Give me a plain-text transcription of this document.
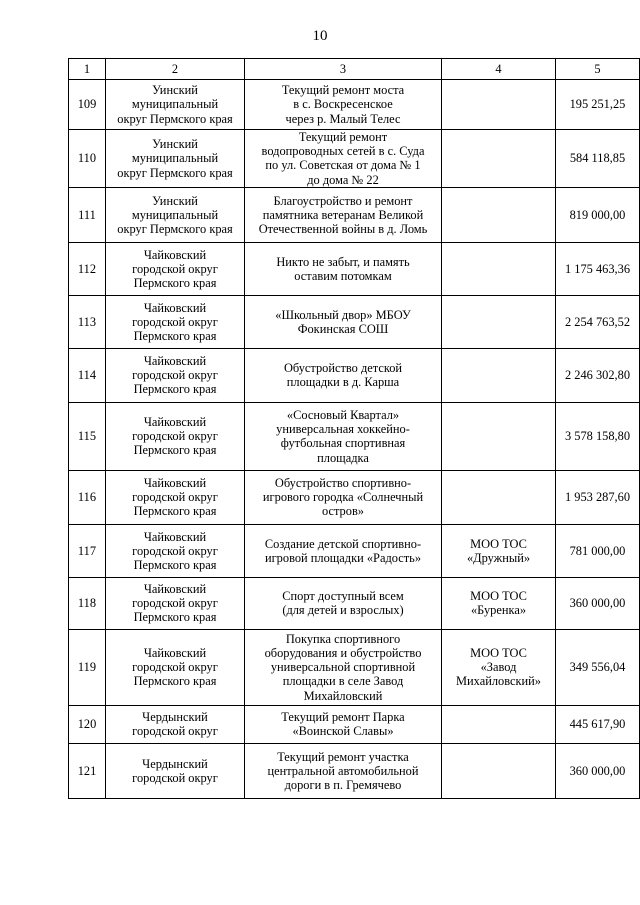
10
1	2	3	4	5
109	Уинский
муниципальный
округ Пермского края	Текущий ремонт моста
в с. Воскресенское
через р. Малый Телес		195 251,25
110	Уинский
муниципальный
округ Пермского края	Текущий ремонт
водопроводных сетей в с. Суда
по ул. Советская от дома № 1
до дома № 22		584 118,85
111	Уинский
муниципальный
округ Пермского края	Благоустройство и ремонт
памятника ветеранам Великой
Отечественной войны в д. Ломь		819 000,00
112	Чайковский
городской округ
Пермского края	Никто не забыт, и память
оставим потомкам		1 175 463,36
113	Чайковский
городской округ
Пермского края	«Школьный двор» МБОУ
Фокинская СОШ		2 254 763,52
114	Чайковский
городской округ
Пермского края	Обустройство детской
площадки в д. Карша		2 246 302,80
115	Чайковский
городской округ
Пермского края	«Сосновый Квартал»
универсальная хоккейно-
футбольная спортивная
площадка		3 578 158,80
116	Чайковский
городской округ
Пермского края	Обустройство спортивно-
игрового городка «Солнечный
остров»		1 953 287,60
117	Чайковский
городской округ
Пермского края	Создание детской спортивно-
игровой площадки «Радость»	МОО ТОС
«Дружный»	781 000,00
118	Чайковский
городской округ
Пермского края	Спорт доступный всем
(для детей и взрослых)	МОО ТОС
«Буренка»	360 000,00
119	Чайковский
городской округ
Пермского края	Покупка спортивного
оборудования и обустройство
универсальной спортивной
площадки в селе Завод
Михайловский	МОО ТОС
«Завод
Михайловский»	349 556,04
120	Чердынский
городской округ	Текущий ремонт Парка
«Воинской Славы»		445 617,90
121	Чердынский
городской округ	Текущий ремонт участка
центральной автомобильной
дороги в п. Гремячево		360 000,00
